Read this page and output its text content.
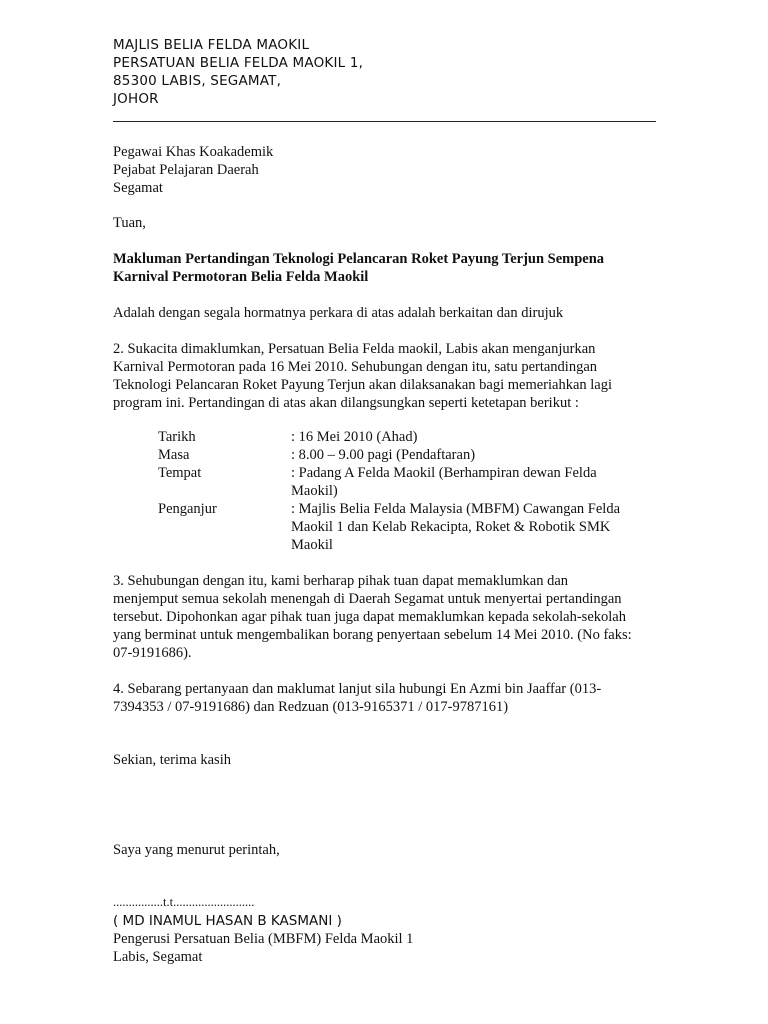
MAJLIS BELIA FELDA MAOKIL
PERSATUAN BELIA FELDA MAOKIL 1,
85300 LABIS, SEGAMAT,
JOHOR
Pegawai Khas Koakademik
Pejabat Pelajaran Daerah
Segamat
Tuan,
Makluman Pertandingan Teknologi Pelancaran Roket Payung Terjun Sempena
Karnival Permotoran Belia Felda Maokil
Adalah dengan segala hormatnya perkara di atas adalah berkaitan dan dirujuk
2. Sukacita dimaklumkan, Persatuan Belia Felda maokil, Labis akan menganjurkan
Karnival Permotoran pada 16 Mei 2010. Sehubungan dengan itu, satu pertandingan
Teknologi Pelancaran Roket Payung Terjun akan dilaksanakan bagi memeriahkan lagi
program ini. Pertandingan di atas akan dilangsungkan seperti ketetapan berikut :
Tarikh	: 16 Mei 2010 (Ahad)
Masa	: 8.00 – 9.00 pagi (Pendaftaran)
Tempat	: Padang A Felda Maokil (Berhampiran dewan Felda
Maokil)
Penganjur	: Majlis Belia Felda Malaysia (MBFM) Cawangan Felda
Maokil 1 dan Kelab Rekacipta, Roket & Robotik SMK
Maokil
3. Sehubungan dengan itu, kami berharap pihak tuan dapat memaklumkan dan
menjemput semua sekolah menengah di Daerah Segamat untuk menyertai pertandingan
tersebut. Dipohonkan agar pihak tuan juga dapat memaklumkan kepada sekolah-sekolah
yang berminat untuk mengembalikan borang penyertaan sebelum 14 Mei 2010. (No faks:
07-9191686).
4. Sebarang pertanyaan dan maklumat lanjut sila hubungi En Azmi bin Jaaffar (013-
7394353 / 07-9191686) dan Redzuan (013-9165371 / 017-9787161)
Sekian, terima kasih
Saya yang menurut perintah,
................t.t..........................
( MD INAMUL HASAN B KASMANI )
Pengerusi Persatuan Belia (MBFM) Felda Maokil 1
Labis, Segamat
